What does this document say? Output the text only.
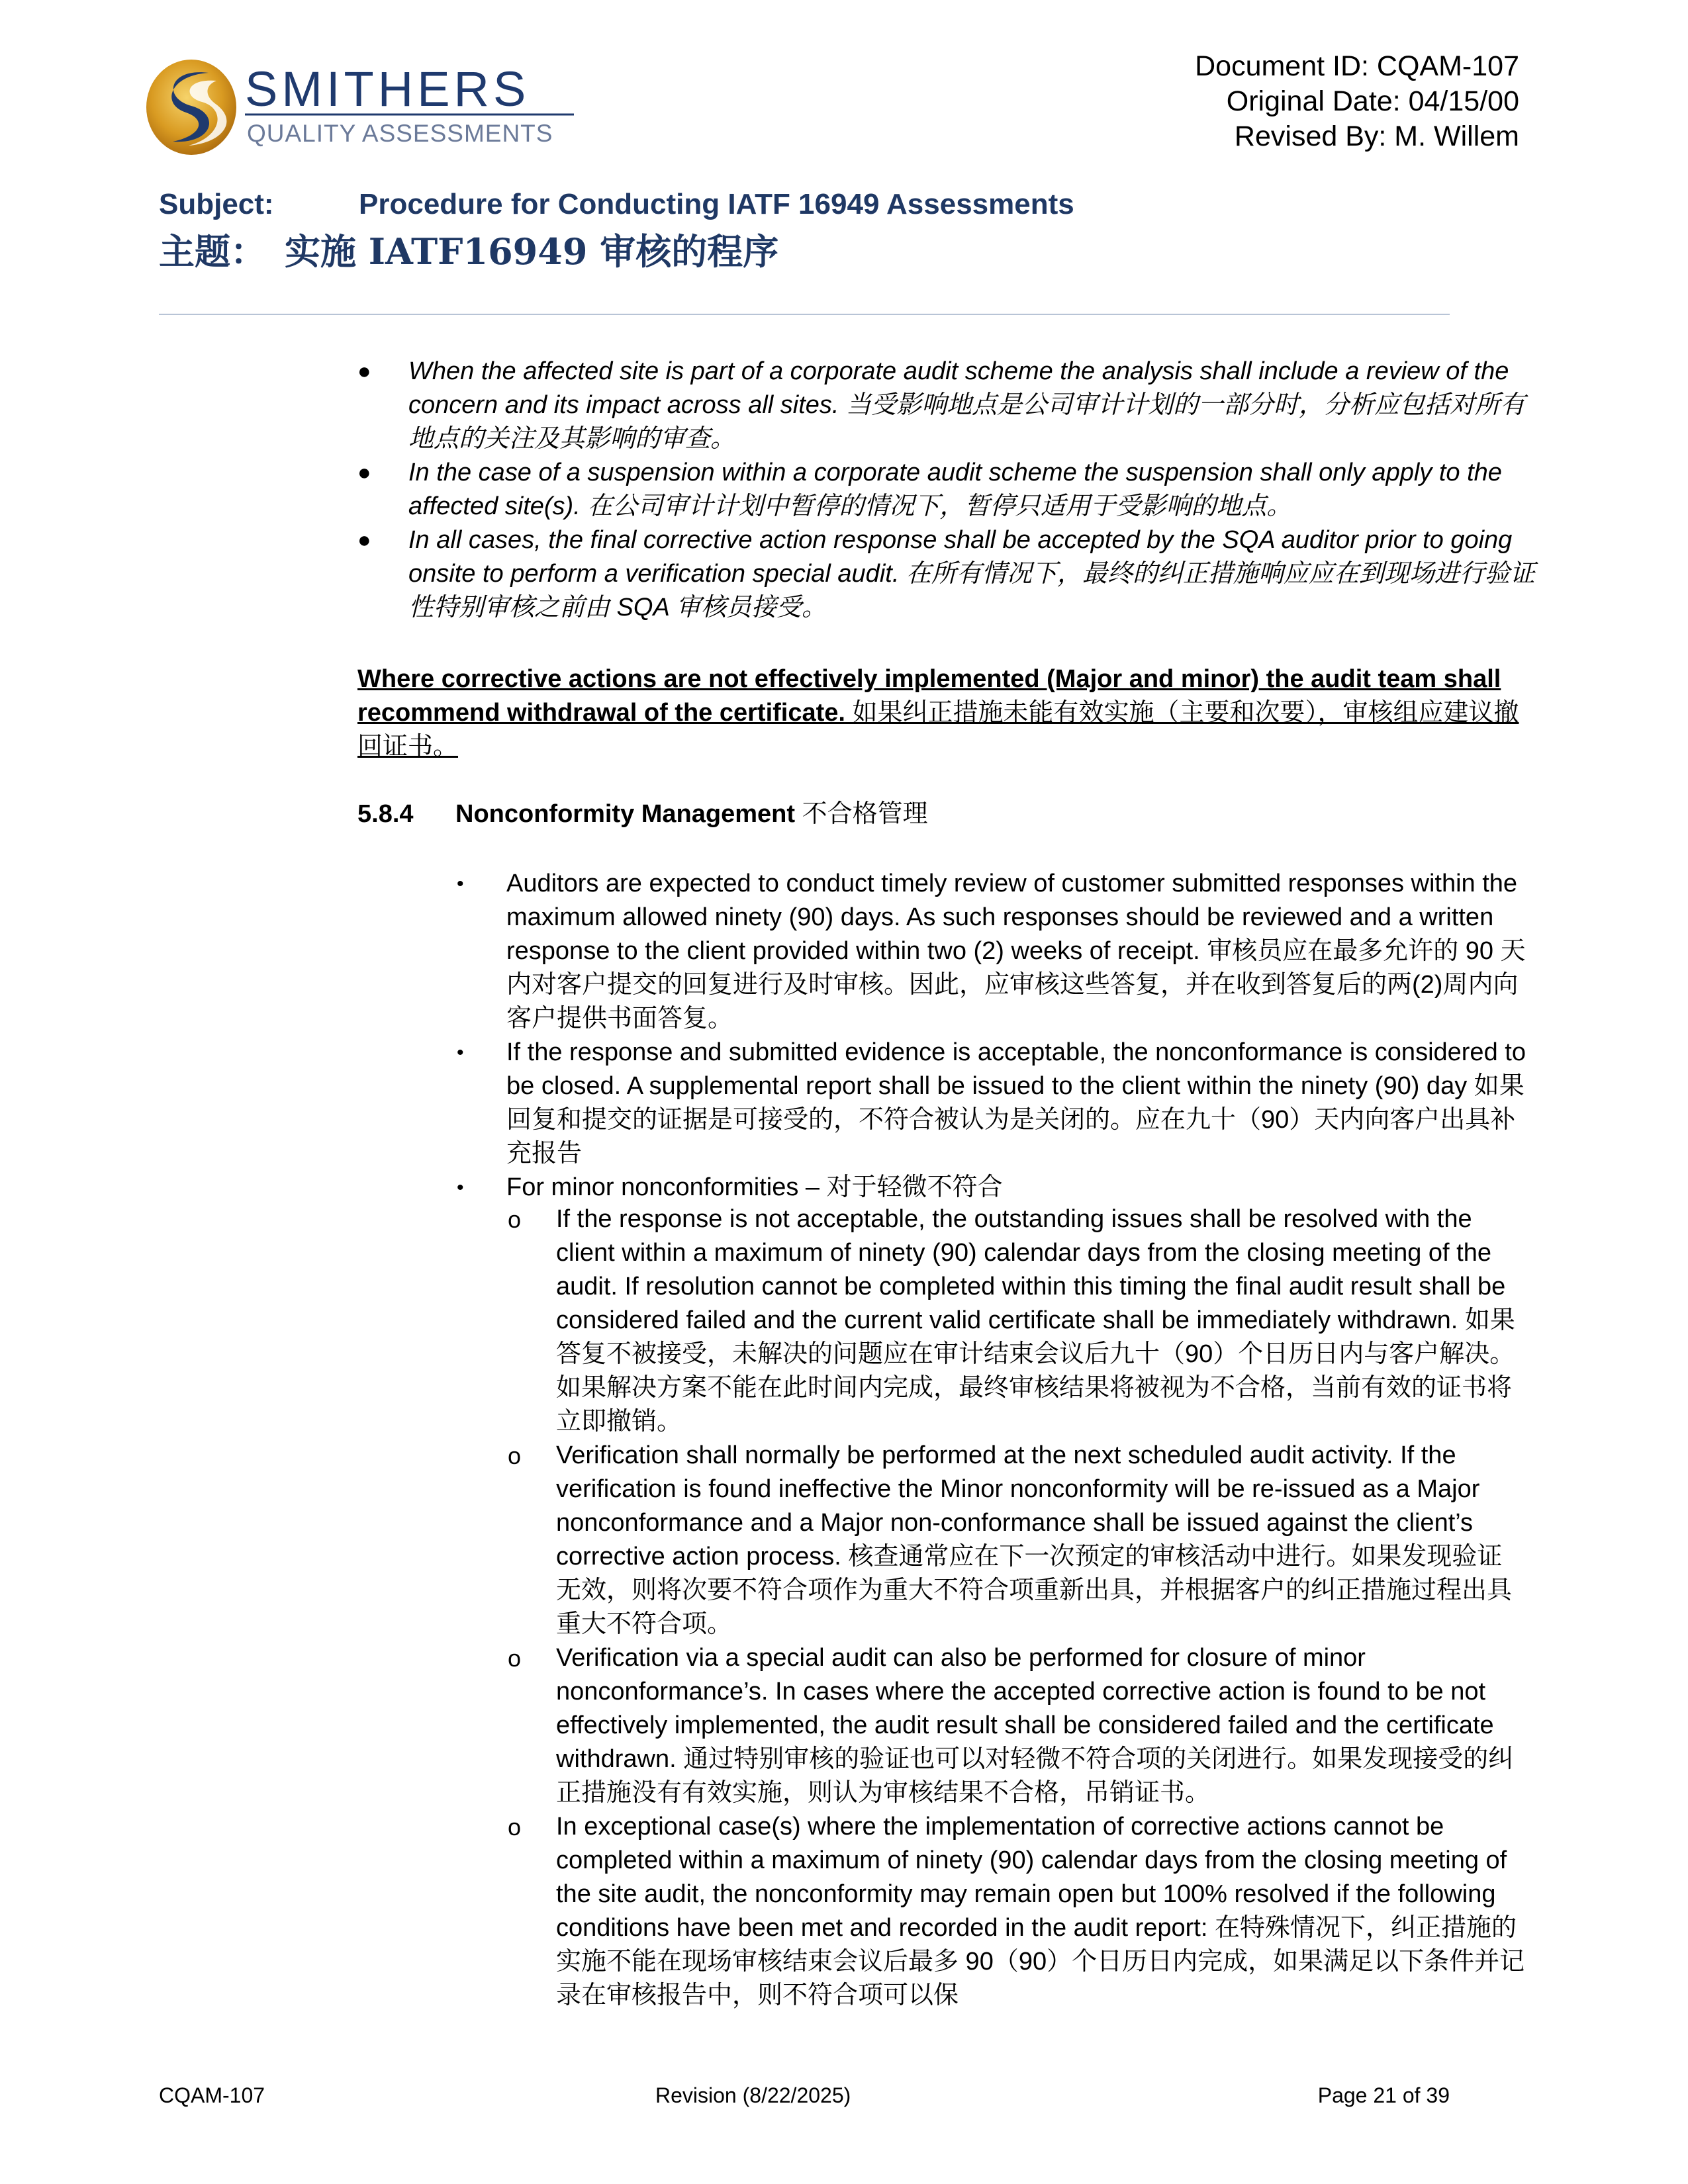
SMITHERS
QUALITY ASSESSMENTS
Document ID: CQAM-107
Original Date: 04/15/00
Revised By: M. Willem
Subject:	Procedure for Conducting IATF 16949 Assessments
主题： 实施 IATF16949 审核的程序
● When the affected site is part of a corporate audit scheme the analysis shall include a review of the concern and its impact across all sites. 当受影响地点是公司审计计划的一部分时，分析应包括对所有地点的关注及其影响的审查。
● In the case of a suspension within a corporate audit scheme the suspension shall only apply to the affected site(s). 在公司审计计划中暂停的情况下，暂停只适用于受影响的地点。
● In all cases, the final corrective action response shall be accepted by the SQA auditor prior to going onsite to perform a verification special audit. 在所有情况下，最终的纠正措施响应应在到现场进行验证性特别审核之前由 SQA 审核员接受。
Where corrective actions are not effectively implemented (Major and minor) the audit team shall recommend withdrawal of the certificate. 如果纠正措施未能有效实施（主要和次要），审核组应建议撤回证书。
5.8.4 Nonconformity Management 不合格管理
• Auditors are expected to conduct timely review of customer submitted responses within the maximum allowed ninety (90) days. As such responses should be reviewed and a written response to the client provided within two (2) weeks of receipt. 审核员应在最多允许的 90 天内对客户提交的回复进行及时审核。因此，应审核这些答复，并在收到答复后的两(2)周内向客户提供书面答复。
• If the response and submitted evidence is acceptable, the nonconformance is considered to be closed. A supplemental report shall be issued to the client within the ninety (90) day 如果回复和提交的证据是可接受的，不符合被认为是关闭的。应在九十（90）天内向客户出具补充报告
• For minor nonconformities – 对于轻微不符合
o If the response is not acceptable, the outstanding issues shall be resolved with the client within a maximum of ninety (90) calendar days from the closing meeting of the audit. If resolution cannot be completed within this timing the final audit result shall be considered failed and the current valid certificate shall be immediately withdrawn. 如果答复不被接受，未解决的问题应在审计结束会议后九十（90）个日历日内与客户解决。如果解决方案不能在此时间内完成，最终审核结果将被视为不合格，当前有效的证书将立即撤销。
o Verification shall normally be performed at the next scheduled audit activity. If the verification is found ineffective the Minor nonconformity will be re-issued as a Major nonconformance and a Major non-conformance shall be issued against the client’s corrective action process. 核查通常应在下一次预定的审核活动中进行。如果发现验证无效，则将次要不符合项作为重大不符合项重新出具，并根据客户的纠正措施过程出具重大不符合项。
o Verification via a special audit can also be performed for closure of minor nonconformance’s. In cases where the accepted corrective action is found to be not effectively implemented, the audit result shall be considered failed and the certificate withdrawn. 通过特别审核的验证也可以对轻微不符合项的关闭进行。如果发现接受的纠正措施没有有效实施，则认为审核结果不合格，吊销证书。
o In exceptional case(s) where the implementation of corrective actions cannot be completed within a maximum of ninety (90) calendar days from the closing meeting of the site audit, the nonconformity may remain open but 100% resolved if the following conditions have been met and recorded in the audit report: 在特殊情况下，纠正措施的实施不能在现场审核结束会议后最多 90（90）个日历日内完成，如果满足以下条件并记录在审核报告中，则不符合项可以保
CQAM-107	Revision (8/22/2025)	Page 21 of 39
